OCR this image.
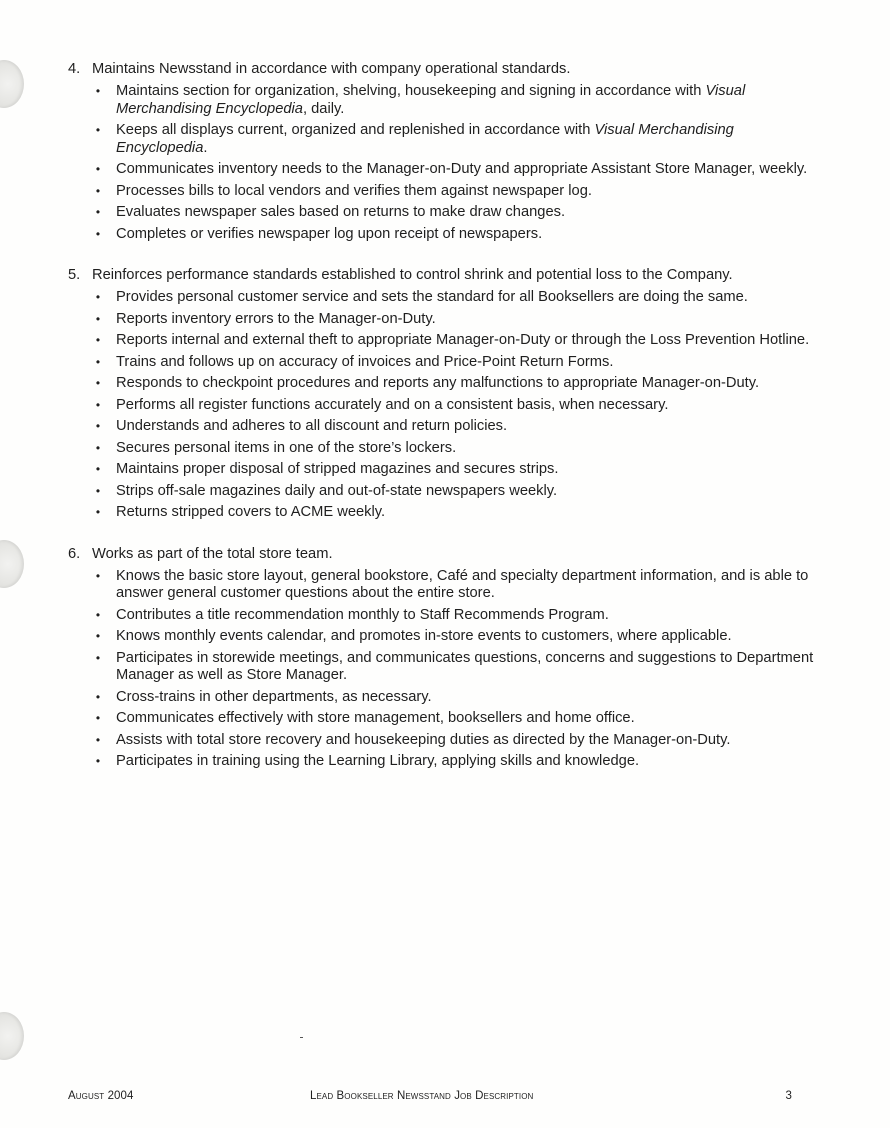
4. Maintains Newsstand in accordance with company operational standards.
• Maintains section for organization, shelving, housekeeping and signing in accordance with Visual Merchandising Encyclopedia, daily.
• Keeps all displays current, organized and replenished in accordance with Visual Merchandising Encyclopedia.
• Communicates inventory needs to the Manager-on-Duty and appropriate Assistant Store Manager, weekly.
• Processes bills to local vendors and verifies them against newspaper log.
• Evaluates newspaper sales based on returns to make draw changes.
• Completes or verifies newspaper log upon receipt of newspapers.
5. Reinforces performance standards established to control shrink and potential loss to the Company.
• Provides personal customer service and sets the standard for all Booksellers are doing the same.
• Reports inventory errors to the Manager-on-Duty.
• Reports internal and external theft to appropriate Manager-on-Duty or through the Loss Prevention Hotline.
• Trains and follows up on accuracy of invoices and Price-Point Return Forms.
• Responds to checkpoint procedures and reports any malfunctions to appropriate Manager-on-Duty.
• Performs all register functions accurately and on a consistent basis, when necessary.
• Understands and adheres to all discount and return policies.
• Secures personal items in one of the store’s lockers.
• Maintains proper disposal of stripped magazines and secures strips.
• Strips off-sale magazines daily and out-of-state newspapers weekly.
• Returns stripped covers to ACME weekly.
6. Works as part of the total store team.
• Knows the basic store layout, general bookstore, Café and specialty department information, and is able to answer general customer questions about the entire store.
• Contributes a title recommendation monthly to Staff Recommends Program.
• Knows monthly events calendar, and promotes in-store events to customers, where applicable.
• Participates in storewide meetings, and communicates questions, concerns and suggestions to Department Manager as well as Store Manager.
• Cross-trains in other departments, as necessary.
• Communicates effectively with store management, booksellers and home office.
• Assists with total store recovery and housekeeping duties as directed by the Manager-on-Duty.
• Participates in training using the Learning Library, applying skills and knowledge.
August 2004	Lead Bookseller Newsstand Job Description	3
